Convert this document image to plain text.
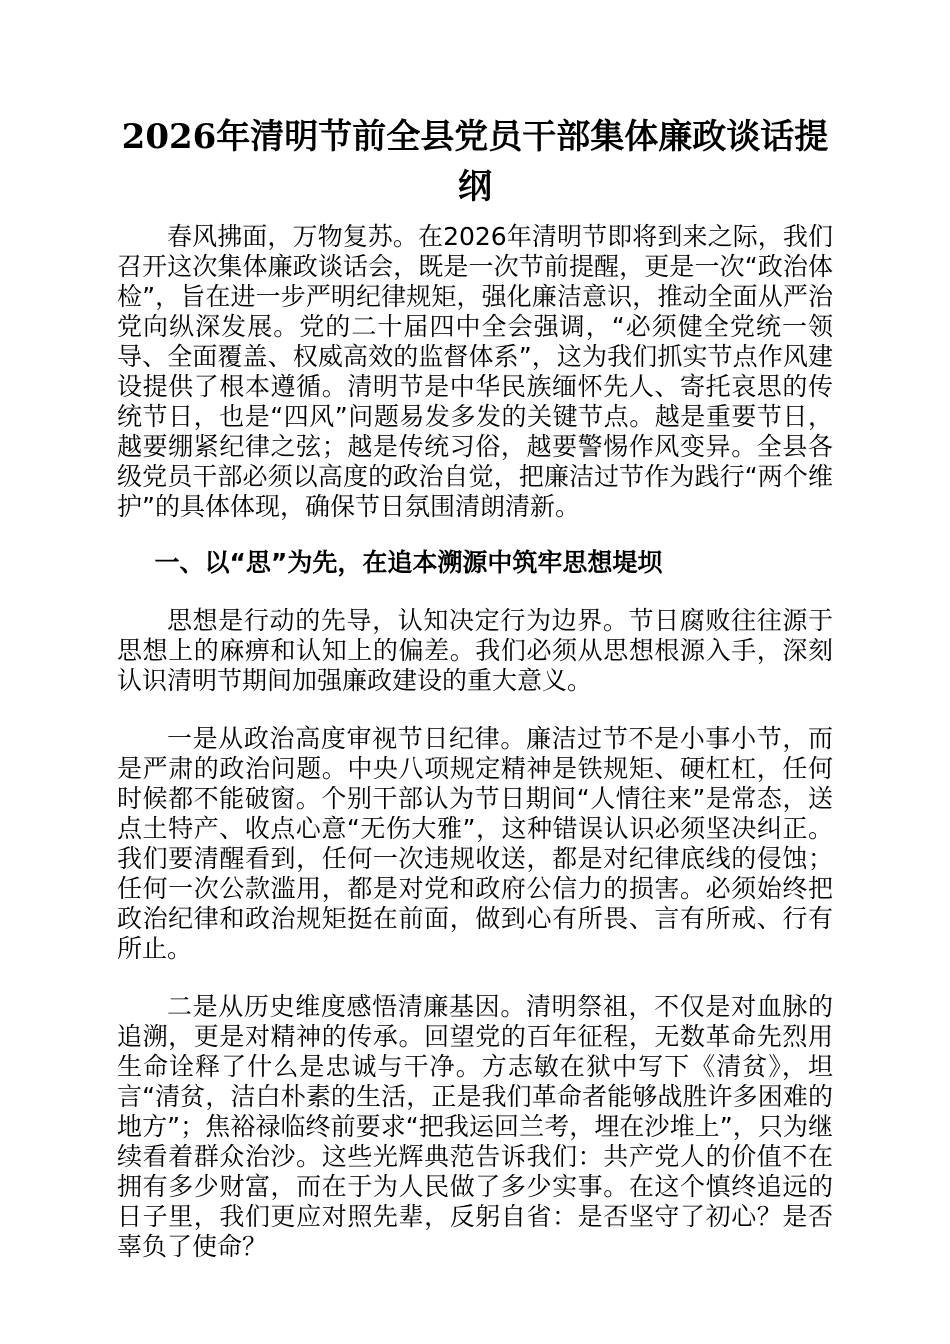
2026年清明节前全县党员干部集体廉政谈话提纲

春风拂面，万物复苏。在2026年清明节即将到来之际，我们召开这次集体廉政谈话会，既是一次节前提醒，更是一次“政治体检”，旨在进一步严明纪律规矩，强化廉洁意识，推动全面从严治党向纵深发展。党的二十届四中全会强调，“必须健全党统一领导、全面覆盖、权威高效的监督体系”，这为我们抓实节点作风建设提供了根本遵循。清明节是中华民族缅怀先人、寄托哀思的传统节日，也是“四风”问题易发多发的关键节点。越是重要节日，越要绷紧纪律之弦；越是传统习俗，越要警惕作风变异。全县各级党员干部必须以高度的政治自觉，把廉洁过节作为践行“两个维护”的具体体现，确保节日氛围清朗清新。

一、以“思”为先，在追本溯源中筑牢思想堤坝

思想是行动的先导，认知决定行为边界。节日腐败往往源于思想上的麻痹和认知上的偏差。我们必须从思想根源入手，深刻认识清明节期间加强廉政建设的重大意义。

一是从政治高度审视节日纪律。廉洁过节不是小事小节，而是严肃的政治问题。中央八项规定精神是铁规矩、硬杠杠，任何时候都不能破窗。个别干部认为节日期间“人情往来”是常态，送点土特产、收点心意“无伤大雅”，这种错误认识必须坚决纠正。我们要清醒看到，任何一次违规收送，都是对纪律底线的侵蚀；任何一次公款滥用，都是对党和政府公信力的损害。必须始终把政治纪律和政治规矩挺在前面，做到心有所畏、言有所戒、行有所止。

二是从历史维度感悟清廉基因。清明祭祖，不仅是对血脉的追溯，更是对精神的传承。回望党的百年征程，无数革命先烈用生命诠释了什么是忠诚与干净。方志敏在狱中写下《清贫》，坦言“清贫，洁白朴素的生活，正是我们革命者能够战胜许多困难的地方”；焦裕禄临终前要求“把我运回兰考，埋在沙堆上”，只为继续看着群众治沙。这些光辉典范告诉我们：共产党人的价值不在拥有多少财富，而在于为人民做了多少实事。在这个慎终追远的日子里，我们更应对照先辈，反躬自省：是否坚守了初心？是否辜负了使命？
